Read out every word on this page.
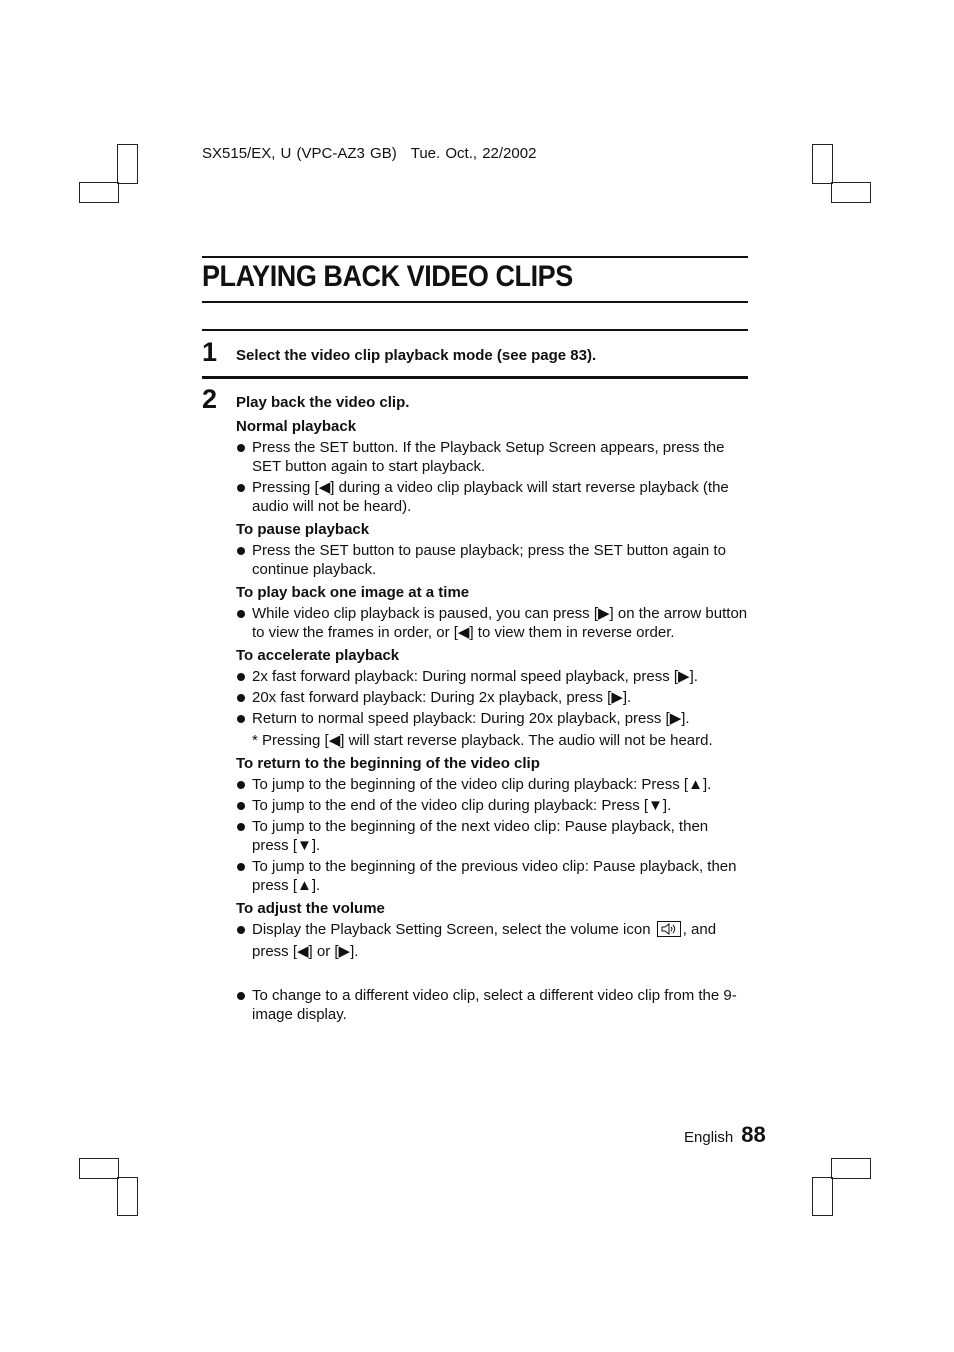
SX515/EX, U (VPC-AZ3 GB) Tue. Oct., 22/2002
PLAYING BACK VIDEO CLIPS
1 Select the video clip playback mode (see page 83).
2 Play back the video clip.
Normal playback
Press the SET button. If the Playback Setup Screen appears, press the SET button again to start playback.
Pressing [◀] during a video clip playback will start reverse playback (the audio will not be heard).
To pause playback
Press the SET button to pause playback; press the SET button again to continue playback.
To play back one image at a time
While video clip playback is paused, you can press [▶] on the arrow button to view the frames in order, or [◀] to view them in reverse order.
To accelerate playback
2x fast forward playback: During normal speed playback, press [▶].
20x fast forward playback: During 2x playback, press [▶].
Return to normal speed playback: During 20x playback, press [▶].
* Pressing [◀] will start reverse playback. The audio will not be heard.
To return to the beginning of the video clip
To jump to the beginning of the video clip during playback: Press [▲].
To jump to the end of the video clip during playback: Press [▼].
To jump to the beginning of the next video clip: Pause playback, then press [▼].
To jump to the beginning of the previous video clip: Pause playback, then press [▲].
To adjust the volume
Display the Playback Setting Screen, select the volume icon , and press [◀] or [▶].
To change to a different video clip, select a different video clip from the 9-image display.
English 88
